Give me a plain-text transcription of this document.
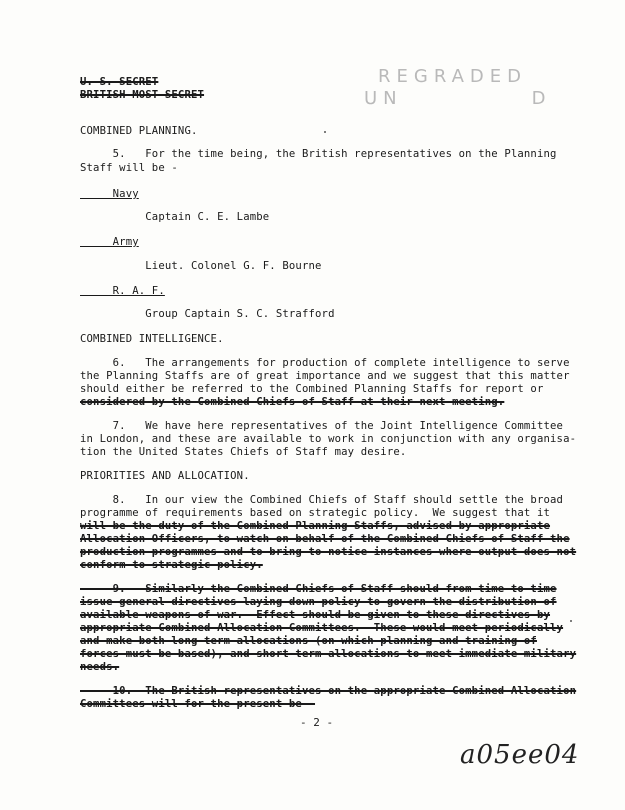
U. S. SECRET
BRITISH MOST SECRET
REGRADED
UN           D
COMBINED PLANNING.
5.   For the time being, the British representatives on the Planning
Staff will be -
Navy
Captain C. E. Lambe
Army
Lieut. Colonel G. F. Bourne
R. A. F.
Group Captain S. C. Strafford
COMBINED INTELLIGENCE.
6.   The arrangements for production of complete intelligence to serve
the Planning Staffs are of great importance and we suggest that this matter
should either be referred to the Combined Planning Staffs for report or
considered by the Combined Chiefs of Staff at their next meeting.
7.   We have here representatives of the Joint Intelligence Committee
in London, and these are available to work in conjunction with any organisa-
tion the United States Chiefs of Staff may desire.
PRIORITIES AND ALLOCATION.
8.   In our view the Combined Chiefs of Staff should settle the broad
programme of requirements based on strategic policy.  We suggest that it
will be the duty of the Combined Planning Staffs, advised by appropriate
Allocation Officers, to watch on behalf of the Combined Chiefs of Staff the
production programmes and to bring to notice instances where output does not
conform to strategic policy.
9.   Similarly the Combined Chiefs of Staff should from time to time
issue general directives laying down policy to govern the distribution of
available weapons of war.  Effect should be given to these directives by
appropriate Combined Allocation Committees.  These would meet periodically
and make both long-term allocations (on which planning and training of
forces must be based), and short-term allocations to meet immediate military
needs.
10.  The British representatives on the appropriate Combined Allocation
Committees will for the present be -
- 2 -
a05ee04
